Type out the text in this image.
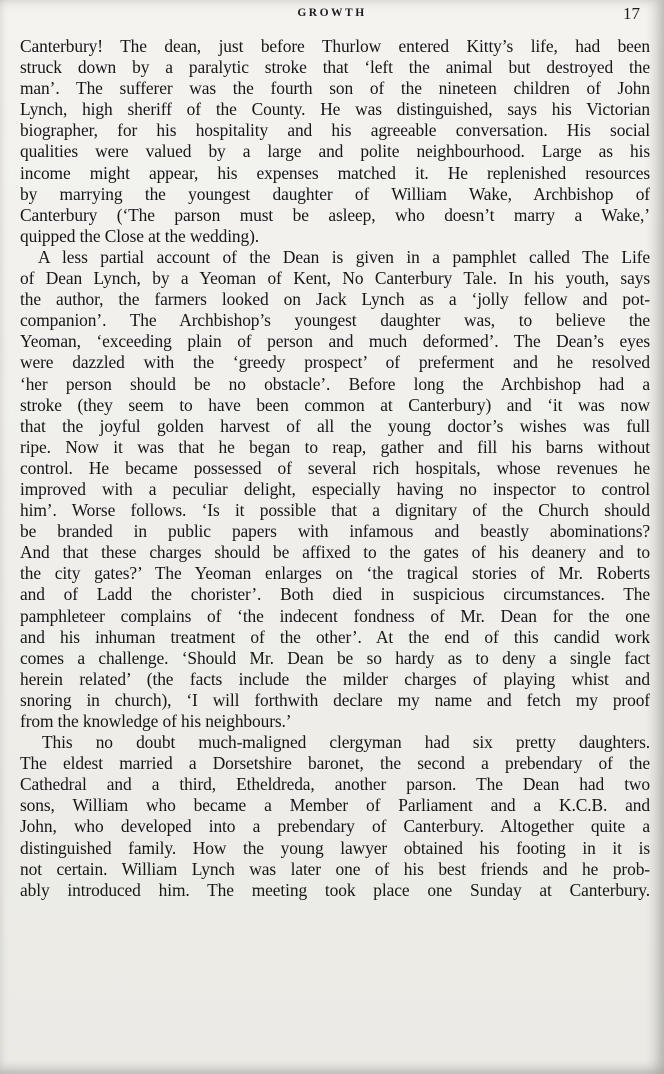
GROWTH	17
Canterbury! The dean, just before Thurlow entered Kitty’s life, had been
struck down by a paralytic stroke that ‘left the animal but destroyed the
man’. The sufferer was the fourth son of the nineteen children of John
Lynch, high sheriff of the County. He was distinguished, says his Victorian
biographer, for his hospitality and his agreeable conversation. His social
qualities were valued by a large and polite neighbourhood. Large as his
income might appear, his expenses matched it. He replenished resources
by marrying the youngest daughter of William Wake, Archbishop of
Canterbury (‘The parson must be asleep, who doesn’t marry a Wake,’
quipped the Close at the wedding).
A less partial account of the Dean is given in a pamphlet called The Life
of Dean Lynch, by a Yeoman of Kent, No Canterbury Tale. In his youth, says
the author, the farmers looked on Jack Lynch as a ‘jolly fellow and pot-
companion’. The Archbishop’s youngest daughter was, to believe the
Yeoman, ‘exceeding plain of person and much deformed’. The Dean’s eyes
were dazzled with the ‘greedy prospect’ of preferment and he resolved
‘her person should be no obstacle’. Before long the Archbishop had a
stroke (they seem to have been common at Canterbury) and ‘it was now
that the joyful golden harvest of all the young doctor’s wishes was full
ripe. Now it was that he began to reap, gather and fill his barns without
control. He became possessed of several rich hospitals, whose revenues he
improved with a peculiar delight, especially having no inspector to control
him’. Worse follows. ‘Is it possible that a dignitary of the Church should
be branded in public papers with infamous and beastly abominations?
And that these charges should be affixed to the gates of his deanery and to
the city gates?’ The Yeoman enlarges on ‘the tragical stories of Mr. Roberts
and of Ladd the chorister’. Both died in suspicious circumstances. The
pamphleteer complains of ‘the indecent fondness of Mr. Dean for the one
and his inhuman treatment of the other’. At the end of this candid work
comes a challenge. ‘Should Mr. Dean be so hardy as to deny a single fact
herein related’ (the facts include the milder charges of playing whist and
snoring in church), ‘I will forthwith declare my name and fetch my proof
from the knowledge of his neighbours.’
This no doubt much-maligned clergyman had six pretty daughters.
The eldest married a Dorsetshire baronet, the second a prebendary of the
Cathedral and a third, Etheldreda, another parson. The Dean had two
sons, William who became a Member of Parliament and a K.C.B. and
John, who developed into a prebendary of Canterbury. Altogether quite a
distinguished family. How the young lawyer obtained his footing in it is
not certain. William Lynch was later one of his best friends and he prob-
ably introduced him. The meeting took place one Sunday at Canterbury.
